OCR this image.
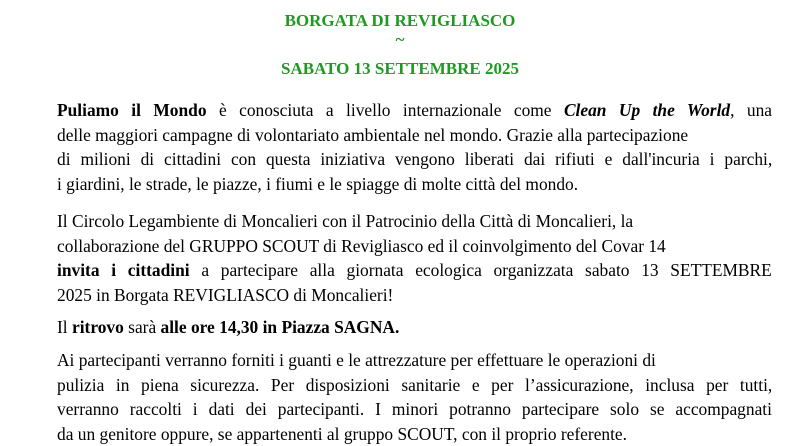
BORGATA DI REVIGLIASCO
~
SABATO 13 SETTEMBRE 2025
Puliamo il Mondo è conosciuta a livello internazionale come Clean Up the World, una
delle maggiori campagne di volontariato ambientale nel mondo. Grazie alla partecipazione
di milioni di cittadini con questa iniziativa vengono liberati dai rifiuti e dall'incuria i parchi,
i giardini, le strade, le piazze, i fiumi e le spiagge di molte città del mondo.
Il Circolo Legambiente di Moncalieri con il Patrocinio della Città di Moncalieri, la
collaborazione del GRUPPO SCOUT di Revigliasco ed il coinvolgimento del Covar 14
invita i cittadini a partecipare alla giornata ecologica organizzata sabato 13 SETTEMBRE
2025 in Borgata REVIGLIASCO di Moncalieri!
Il ritrovo sarà alle ore 14,30 in Piazza SAGNA.
Ai partecipanti verranno forniti i guanti e le attrezzature per effettuare le operazioni di
pulizia in piena sicurezza. Per disposizioni sanitarie e per l’assicurazione, inclusa per tutti,
verranno raccolti i dati dei partecipanti. I minori potranno partecipare solo se accompagnati
da un genitore oppure, se appartenenti al gruppo SCOUT, con il proprio referente.
